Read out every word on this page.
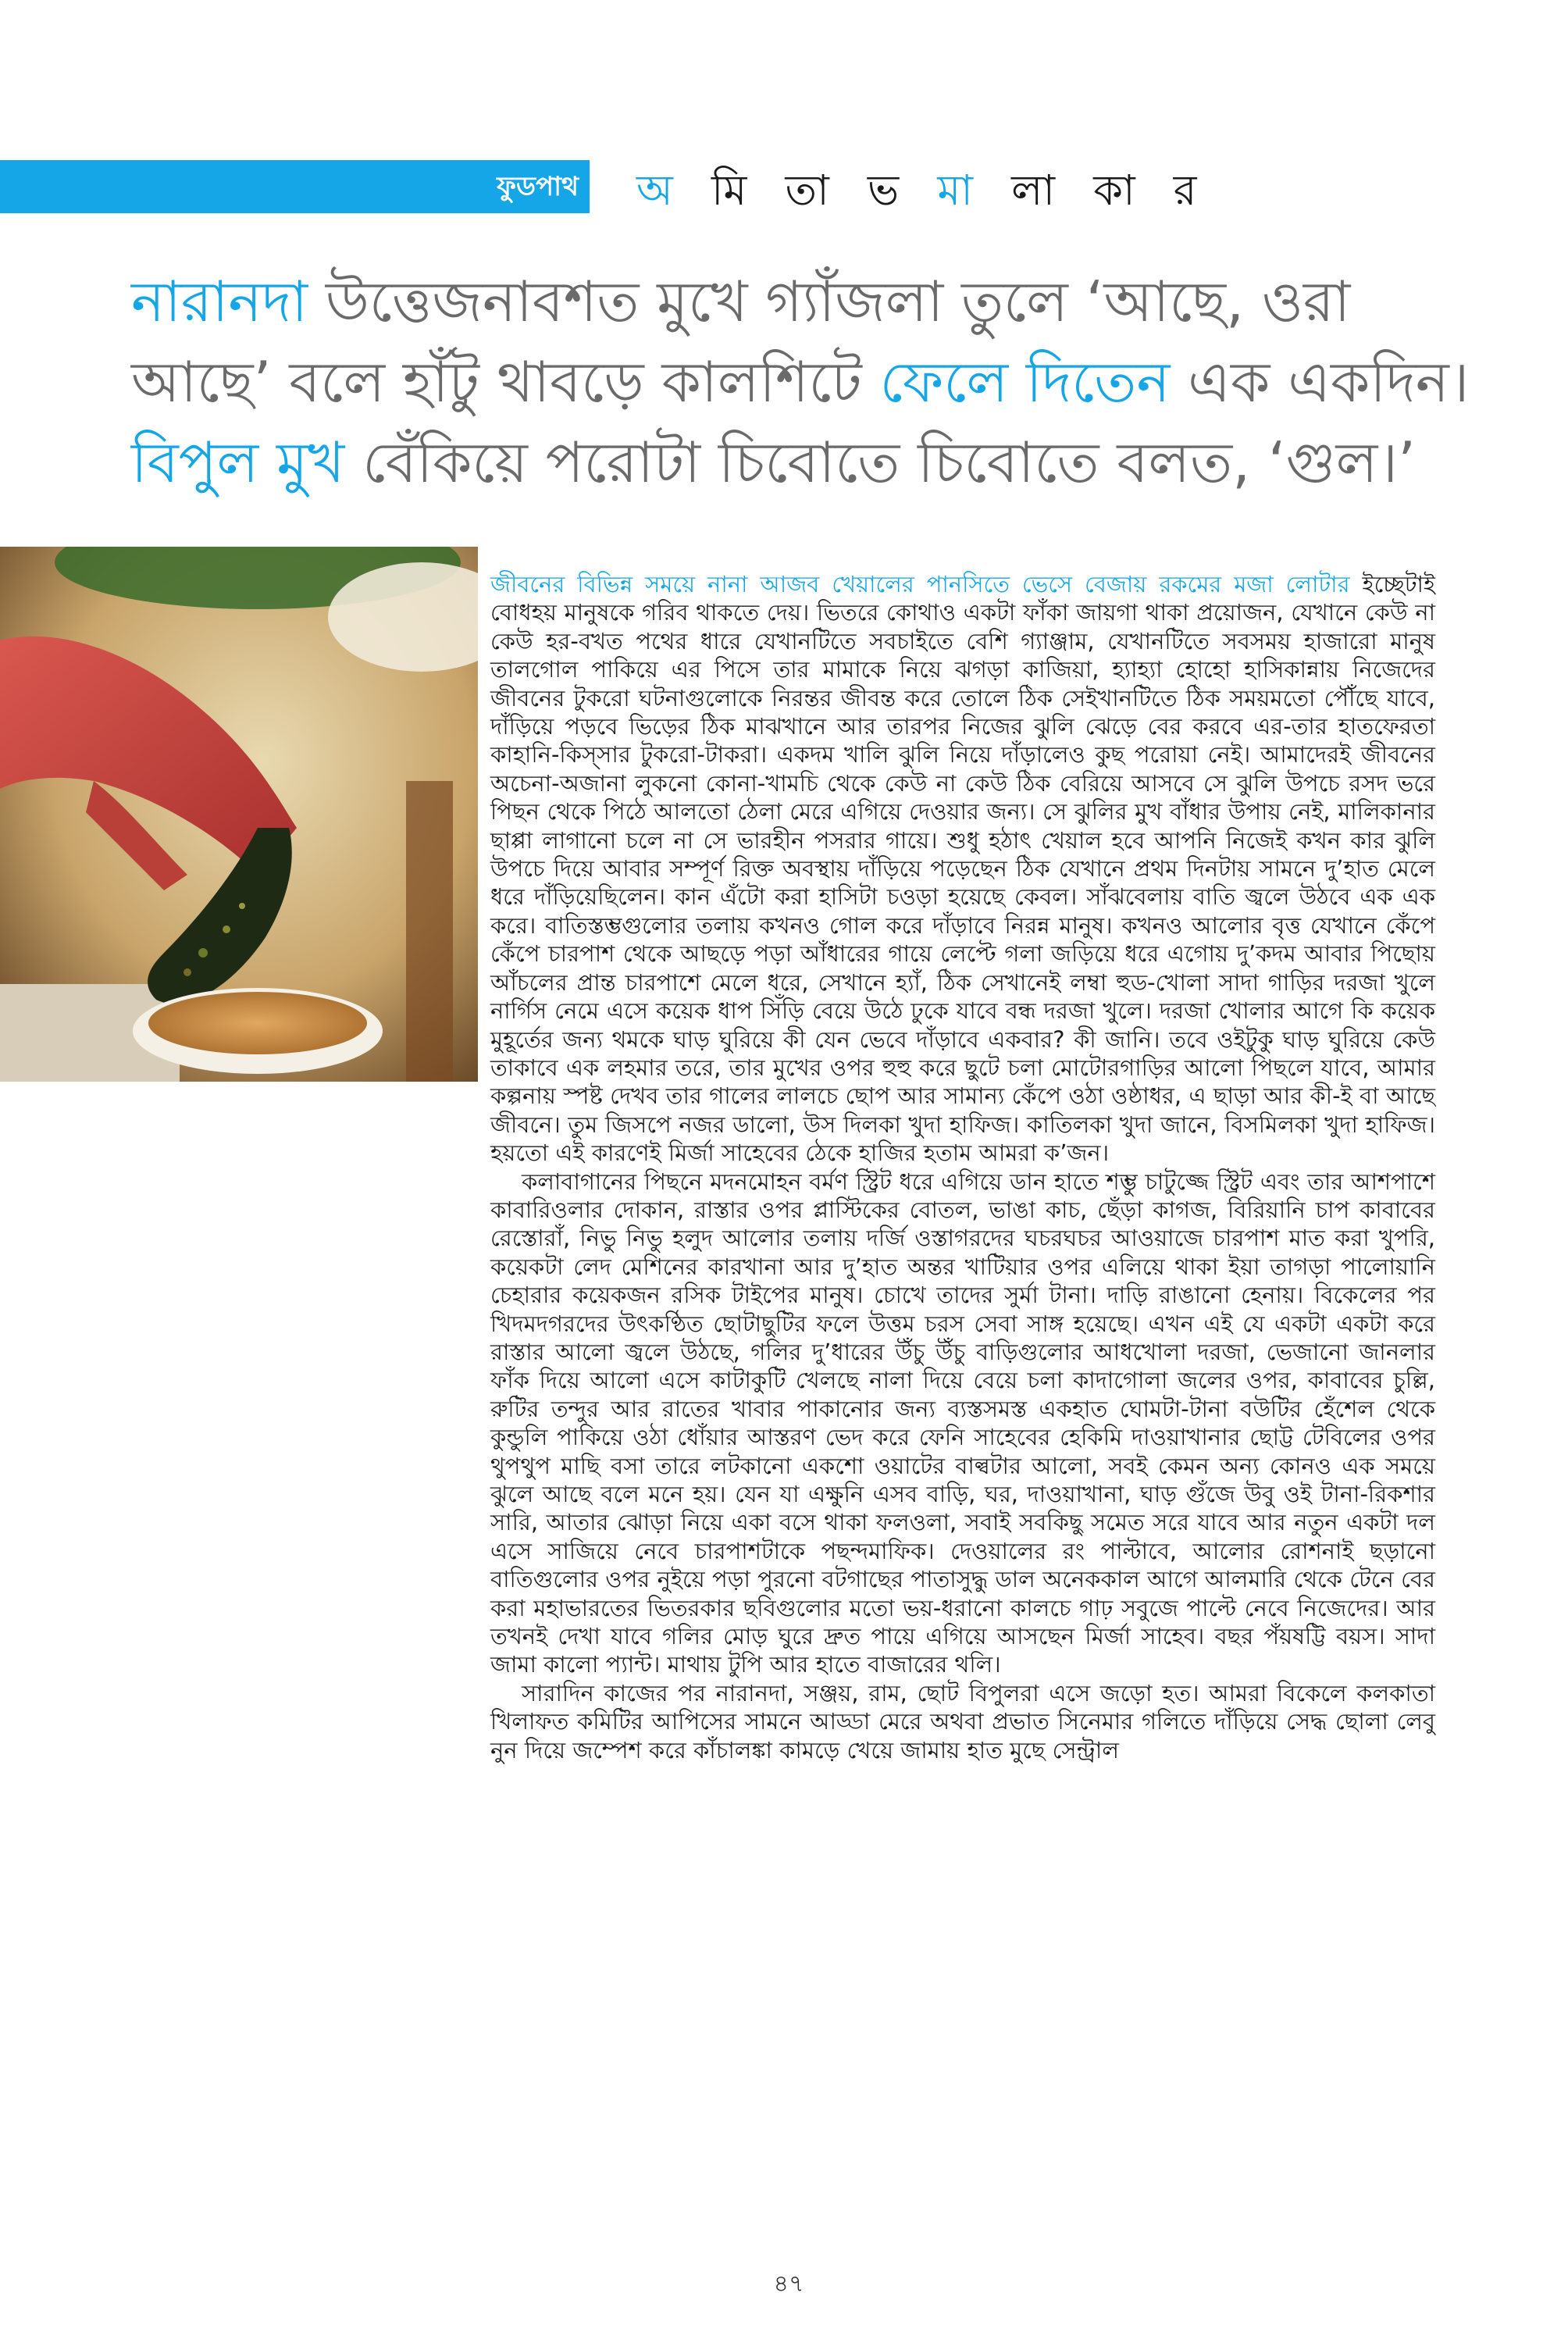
ফুডপাথ অ মি তা ভ মা লা কা র
নারানদা উত্তেজনাবশত মুখে গ্যাঁজলা তুলে ‘আছে, ওরা আছে’ বলে হাঁটু থাবড়ে কালশিটে ফেলে দিতেন এক একদিন। বিপুল মুখ বেঁকিয়ে পরোটা চিবোতে চিবোতে বলত, ‘গুল।’

জীবনের বিভিন্ন সময়ে নানা আজব খেয়ালের পানসিতে ভেসে বেজায় রকমের মজা লোটার ইচ্ছেটাই বোধহয় মানুষকে গরিব থাকতে দেয়। ভিতরে কোথাও একটা ফাঁকা জায়গা থাকা প্রয়োজন, যেখানে কেউ না কেউ হর-বখত পথের ধারে যেখানটিতে সবচাইতে বেশি গ্যাঞ্জাম, যেখানটিতে সবসময় হাজারো মানুষ তালগোল পাকিয়ে এর পিসে তার মামাকে নিয়ে ঝগড়া কাজিয়া, হ্যাহ্যা হোহো হাসিকান্নায় নিজেদের জীবনের টুকরো ঘটনাগুলোকে নিরন্তর জীবন্ত করে তোলে ঠিক সেইখানটিতে ঠিক সময়মতো পৌঁছে যাবে, দাঁড়িয়ে পড়বে ভিড়ের ঠিক মাঝখানে আর তারপর নিজের ঝুলি ঝেড়ে বের করবে এর-তার হাতফেরতা কাহানি-কিস্সার টুকরো-টাকরা। একদম খালি ঝুলি নিয়ে দাঁড়ালেও কুছ পরোয়া নেই। আমাদেরই জীবনের অচেনা-অজানা লুকনো কোনা-খামচি থেকে কেউ না কেউ ঠিক বেরিয়ে আসবে সে ঝুলি উপচে রসদ ভরে পিছন থেকে পিঠে আলতো ঠেলা মেরে এগিয়ে দেওয়ার জন্য। সে ঝুলির মুখ বাঁধার উপায় নেই, মালিকানার ছাপ্পা লাগানো চলে না সে ভারহীন পসরার গায়ে। শুধু হঠাৎ খেয়াল হবে আপনি নিজেই কখন কার ঝুলি উপচে দিয়ে আবার সম্পূর্ণ রিক্ত অবস্থায় দাঁড়িয়ে পড়েছেন ঠিক যেখানে প্রথম দিনটায় সামনে দু’হাত মেলে ধরে দাঁড়িয়েছিলেন। কান এঁটো করা হাসিটা চওড়া হয়েছে কেবল। সাঁঝবেলায় বাতি জ্বলে উঠবে এক এক করে। বাতিস্তম্ভগুলোর তলায় কখনও গোল করে দাঁড়াবে নিরন্ন মানুষ। কখনও আলোর বৃত্ত যেখানে কেঁপে কেঁপে চারপাশ থেকে আছড়ে পড়া আঁধারের গায়ে লেপ্টে গলা জড়িয়ে ধরে এগোয় দু’কদম আবার পিছোয় আঁচলের প্রান্ত চারপাশে মেলে ধরে, সেখানে হ্যাঁ, ঠিক সেখানেই লম্বা হুড-খোলা সাদা গাড়ির দরজা খুলে নার্গিস নেমে এসে কয়েক ধাপ সিঁড়ি বেয়ে উঠে ঢুকে যাবে বন্ধ দরজা খুলে। দরজা খোলার আগে কি কয়েক মুহূর্তের জন্য থমকে ঘাড় ঘুরিয়ে কী যেন ভেবে দাঁড়াবে একবার? কী জানি। তবে ওইটুকু ঘাড় ঘুরিয়ে কেউ তাকাবে এক লহমার তরে, তার মুখের ওপর হুহু করে ছুটে চলা মোটোরগাড়ির আলো পিছলে যাবে, আমার কল্পনায় স্পষ্ট দেখব তার গালের লালচে ছোপ আর সামান্য কেঁপে ওঠা ওষ্ঠাধর, এ ছাড়া আর কী-ই বা আছে জীবনে। তুম জিসপে নজর ডালো, উস দিলকা খুদা হাফিজ। কাতিলকা খুদা জানে, বিসমিলকা খুদা হাফিজ। হয়তো এই কারণেই মির্জা সাহেবের ঠেকে হাজির হতাম আমরা ক’জন।

কলাবাগানের পিছনে মদনমোহন বর্মণ স্ট্রিট ধরে এগিয়ে ডান হাতে শম্ভু চাটুজ্জে স্ট্রিট এবং তার আশপাশে কাবারিওলার দোকান, রাস্তার ওপর প্লাস্টিকের বোতল, ভাঙা কাচ, ছেঁড়া কাগজ, বিরিয়ানি চাপ কাবাবের রেস্তোরাঁ, নিভু নিভু হলুদ আলোর তলায় দর্জি ওস্তাগরদের ঘচরঘচর আওয়াজে চারপাশ মাত করা খুপরি, কয়েকটা লেদ মেশিনের কারখানা আর দু’হাত অন্তর খাটিয়ার ওপর এলিয়ে থাকা ইয়া তাগড়া পালোয়ানি চেহারার কয়েকজন রসিক টাইপের মানুষ। চোখে তাদের সুর্মা টানা। দাড়ি রাঙানো হেনায়। বিকেলের পর খিদমদগরদের উৎকণ্ঠিত ছোটাছুটির ফলে উত্তম চরস সেবা সাঙ্গ হয়েছে। এখন এই যে একটা একটা করে রাস্তার আলো জ্বলে উঠছে, গলির দু’ধারের উঁচু উঁচু বাড়িগুলোর আধখোলা দরজা, ভেজানো জানলার ফাঁক দিয়ে আলো এসে কাটাকুটি খেলছে নালা দিয়ে বেয়ে চলা কাদাগোলা জলের ওপর, কাবাবের চুল্লি, রুটির তন্দুর আর রাতের খাবার পাকানোর জন্য ব্যস্তসমস্ত একহাত ঘোমটা-টানা বউটির হেঁশেল থেকে কুন্ডুলি পাকিয়ে ওঠা ধোঁয়ার আস্তরণ ভেদ করে ফেনি সাহেবের হেকিমি দাওয়াখানার ছোট্ট টেবিলের ওপর থুপথুপ মাছি বসা তারে লটকানো একশো ওয়াটের বাল্বটার আলো, সবই কেমন অন্য কোনও এক সময়ে ঝুলে আছে বলে মনে হয়। যেন যা এক্ষুনি এসব বাড়ি, ঘর, দাওয়াখানা, ঘাড় গুঁজে উবু ওই টানা-রিকশার সারি, আতার ঝোড়া নিয়ে একা বসে থাকা ফলওলা, সবাই সবকিছু সমেত সরে যাবে আর নতুন একটা দল এসে সাজিয়ে নেবে চারপাশটাকে পছন্দমাফিক। দেওয়ালের রং পাল্টাবে, আলোর রোশনাই ছড়ানো বাতিগুলোর ওপর নুইয়ে পড়া পুরনো বটগাছের পাতাসুদ্ধু ডাল অনেককাল আগে আলমারি থেকে টেনে বের করা মহাভারতের ভিতরকার ছবিগুলোর মতো ভয়-ধরানো কালচে গাঢ় সবুজে পাল্টে নেবে নিজেদের। আর তখনই দেখা যাবে গলির মোড় ঘুরে দ্রুত পায়ে এগিয়ে আসছেন মির্জা সাহেব। বছর পঁয়ষট্টি বয়স। সাদা জামা কালো প্যান্ট। মাথায় টুপি আর হাতে বাজারের থলি।

সারাদিন কাজের পর নারানদা, সঞ্জয়, রাম, ছোট বিপুলরা এসে জড়ো হত। আমরা বিকেলে কলকাতা খিলাফত কমিটির আপিসের সামনে আড্ডা মেরে অথবা প্রভাত সিনেমার গলিতে দাঁড়িয়ে সেদ্ধ ছোলা লেবু নুন দিয়ে জম্পেশ করে কাঁচালঙ্কা কামড়ে খেয়ে জামায় হাত মুছে সেন্ট্রাল

৪৭
